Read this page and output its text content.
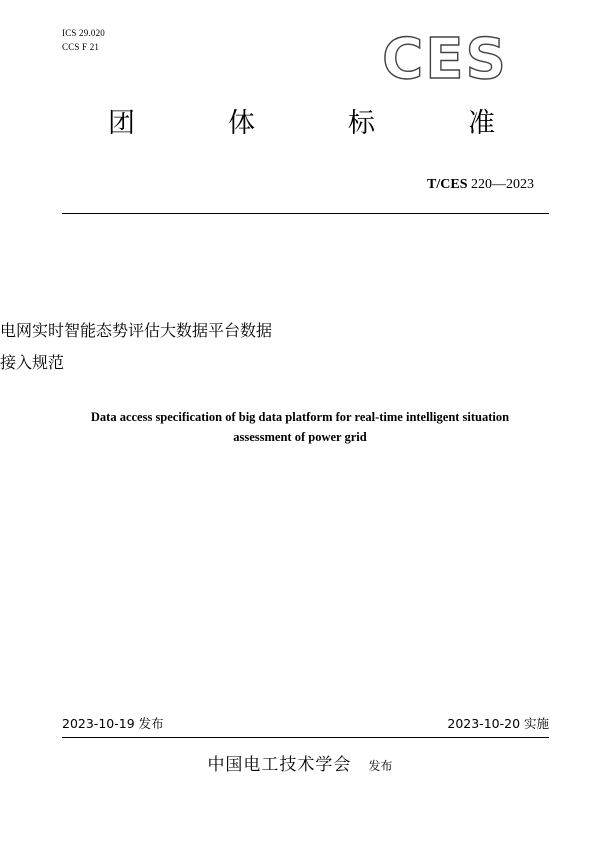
ICS 29.020
CCS F 21	CES
团	体	标	准
T/CES 220—2023
电网实时智能态势评估大数据平台数据
接入规范
Data access specification of big data platform for real-time intelligent situation
assessment of power grid
2023-10-19 发布	2023-10-20 实施
中国电工技术学会 发布
